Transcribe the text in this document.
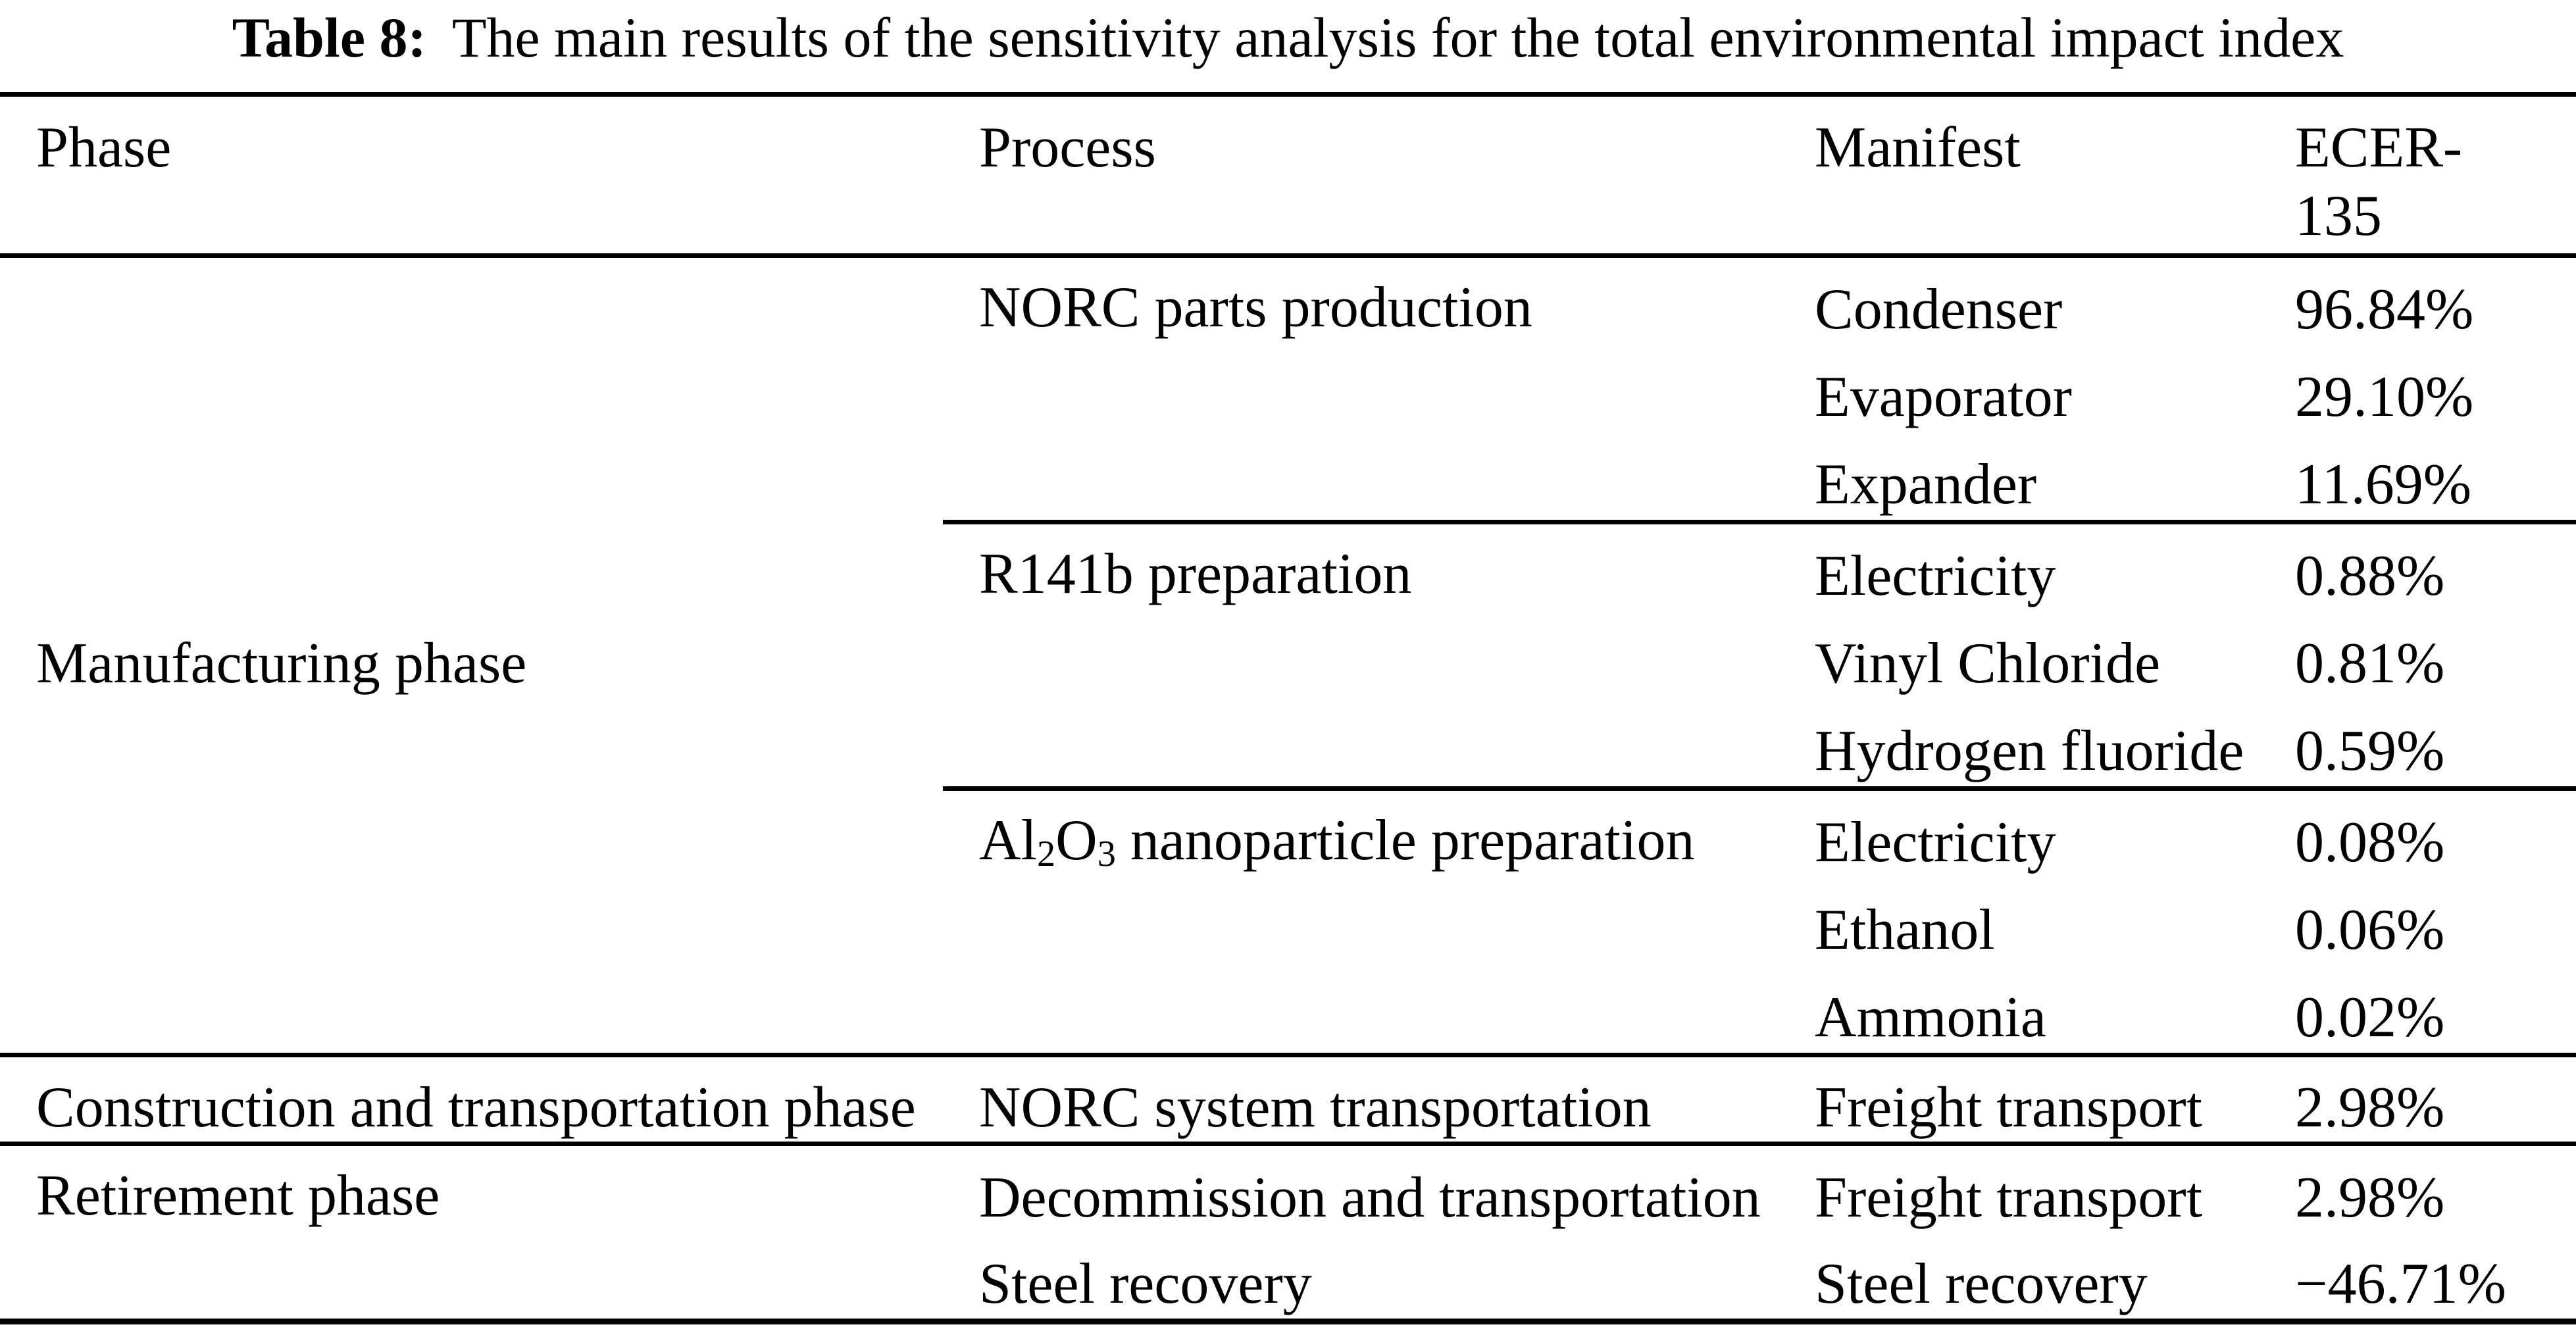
Table 8: The main results of the sensitivity analysis for the total environmental impact index
Phase	Process	Manifest	ECER-
135

Manufacturing phase	NORC parts production	Condenser	96.84%
		Evaporator	29.10%
		Expander	11.69%
	R141b preparation	Electricity	0.88%
		Vinyl Chloride	0.81%
		Hydrogen fluoride	0.59%
	$Al_2O_3$ nanoparticle preparation	Electricity	0.08%
		Ethanol	0.06%
		Ammonia	0.02%
Construction and transportation phase	NORC system transportation	Freight transport	2.98%
Retirement phase	Decommission and transportation	Freight transport	2.98%
	Steel recovery	Steel recovery	−46.71%
